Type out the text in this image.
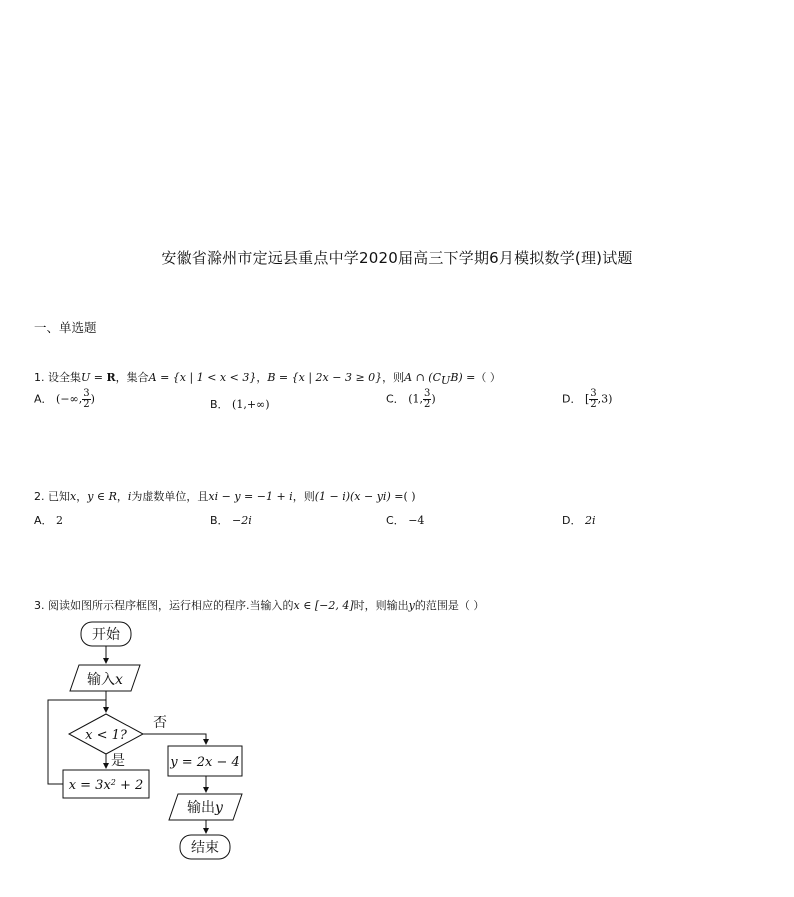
安徽省滁州市定远县重点中学2020届高三下学期6月模拟数学(理)试题
一、单选题
1. 设全集U = R，集合A = {x | 1 < x < 3}，B = {x | 2x − 3 ≥ 0}，则A ∩ $(C_UB)$ =（ ）
A． (−∞, $\frac{3}{2}$ )	B． (1,+∞)	C． (1, $\frac{3}{2}$ )	D． [ $\frac{3}{2} ,3$)
2. 已知x，y ∈ R，i为虚数单位，且xi − y = −1 + i，则(1 − i)(x − yi) =( )
A． 2	B． −2i	C． −4	D． 2i
3. 阅读如图所示程序框图，运行相应的程序.当输入的x ∈ [−2, 4]时，则输出y的范围是（ ）
开始
输入x
x < 1?
否
是	y = 2x − 4
$x = 3x^2 + 2$
输出y
结束
